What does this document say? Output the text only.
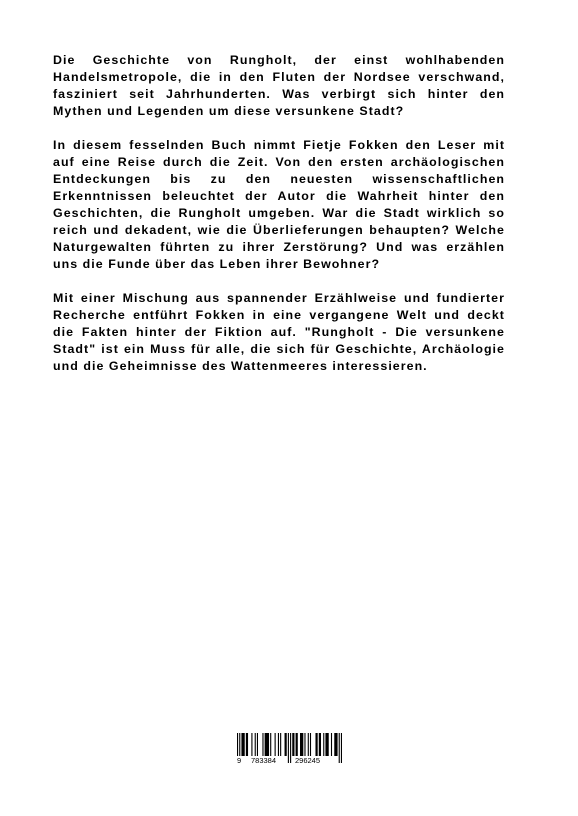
Die Geschichte von Rungholt, der einst wohlhabenden Handelsmetropole, die in den Fluten der Nordsee verschwand, fasziniert seit Jahrhunderten. Was verbirgt sich hinter den Mythen und Legenden um diese versunkene Stadt?

In diesem fesselnden Buch nimmt Fietje Fokken den Leser mit auf eine Reise durch die Zeit. Von den ersten archäologischen Entdeckungen bis zu den neuesten wissenschaftlichen Erkenntnissen beleuchtet der Autor die Wahrheit hinter den Geschichten, die Rungholt umgeben. War die Stadt wirklich so reich und dekadent, wie die Überlieferungen behaupten? Welche Naturgewalten führten zu ihrer Zerstörung? Und was erzählen uns die Funde über das Leben ihrer Bewohner?

Mit einer Mischung aus spannender Erzählweise und fundierter Recherche entführt Fokken in eine vergangene Welt und deckt die Fakten hinter der Fiktion auf. "Rungholt - Die versunkene Stadt" ist ein Muss für alle, die sich für Geschichte, Archäologie und die Geheimnisse des Wattenmeeres interessieren.

9 783384	296245
